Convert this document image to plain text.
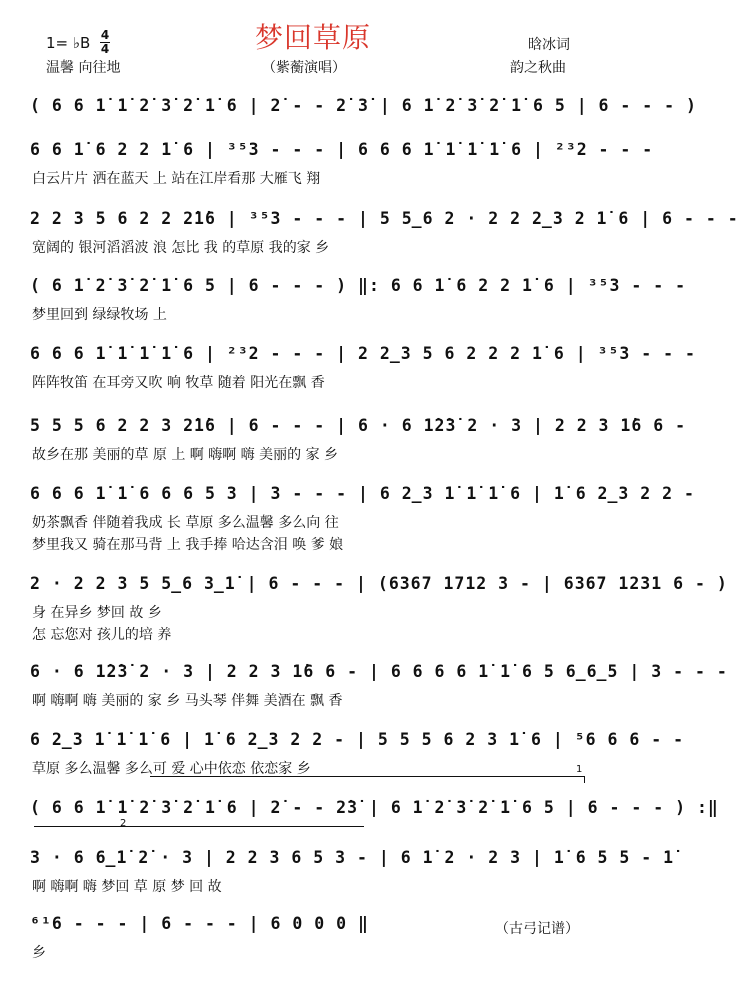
梦回草原
1= ♭B 4
4
温馨 向往地	（紫蘅演唱）
晗冰词
韵之秋曲
( 6 6 1̇ 1̇ 2̇ 3̇ 2̇ 1̇ 6 | 2̇ - - 2̇ 3̇ | 6 1̇ 2̇ 3̇ 2̇ 1̇ 6 5 | 6 - - - )
6 6 1̇ 6 2 2 1̇ 6 | ³⁵3 - - - | 6 6 6 1̇ 1̇ 1̇ 1̇ 6 | ²³2 - - -
白云片片 洒在蓝天 上 站在江岸看那 大雁飞 翔
2 2 3 5 6 2 2 2̇1̇6 | ³⁵3 - - - | 5 5̲6 2 · 2 2 2̲3 2 1̇ 6 | 6 - - -
宽阔的 银河滔滔波 浪 怎比 我 的草原 我的家 乡
( 6 1̇ 2̇ 3̇ 2̇ 1̇ 6 5 | 6 - - - ) ‖: 6 6 1̇ 6 2 2 1̇ 6 | ³⁵3 - - -
梦里回到 绿绿牧场 上
6 6 6 1̇ 1̇ 1̇ 1̇ 6 | ²³2 - - - | 2 2̲3 5 6 2 2 2 1̇ 6 | ³⁵3 - - -
阵阵牧笛 在耳旁又吹 响 牧草 随着 阳光在飘 香
5 5 5 6 2 2 3 2̇1̇6 | 6 - - - | 6 · 6 1̇2̇3̇ 2 · 3 | 2 2 3 1̇6 6 -
故乡在那 美丽的草 原 上 啊 嗨啊 嗨 美丽的 家 乡
6 6 6 1̇ 1̇ 6 6 6 5 3 | 3 - - - | 6 2̲3 1̇ 1̇ 1̇ 6 | 1̇ 6 2̲3 2 2 -
奶茶飘香 伴随着我成 长 草原 多么温馨 多么向 往
梦里我又 骑在那马背 上 我手捧 哈达含泪 唤 爹 娘
2 · 2 2 3 5 5̲6 3̲1̇ | 6 - - - | (6367 1712 3 - | 6367 1231 6 - )
身 在异乡 梦回 故 乡
怎 忘您对 孩儿的培 养
6 · 6 1̇2̇3̇ 2 · 3 | 2 2 3 1̇6 6 - | 6 6 6 6 1̇ 1̇ 6 5 6̲6̲5 | 3 - - -
啊 嗨啊 嗨 美丽的 家 乡 马头琴 伴舞 美酒在 飘 香
6 2̲3 1̇ 1̇ 1̇ 6 | 1̇ 6 2̲3 2 2 - | 5 5 5 6 2 3 1̇ 6 | ⁵6 6 6 - -
草原 多么温馨 多么可 爱 心中依恋 依恋家 乡
( 6 6 1̇ 1̇ 2̇ 3̇ 2̇ 1̇ 6 | 2̇ - - 2̇3̇ | 6 1̇ 2̇ 3̇ 2̇ 1̇ 6 5 | 6 - - - ) :‖
3 · 6 6̲1̇ 2̇ · 3 | 2 2 3 6 5 3 - | 6 1̇ 2 · 2 3 | 1̇ 6 5 5 - 1̇
啊 嗨啊 嗨 梦回 草 原 梦 回 故
⁶¹6 - - - | 6 - - - | 6 0 0 0 ‖
乡
1
2
（古弓记谱）
